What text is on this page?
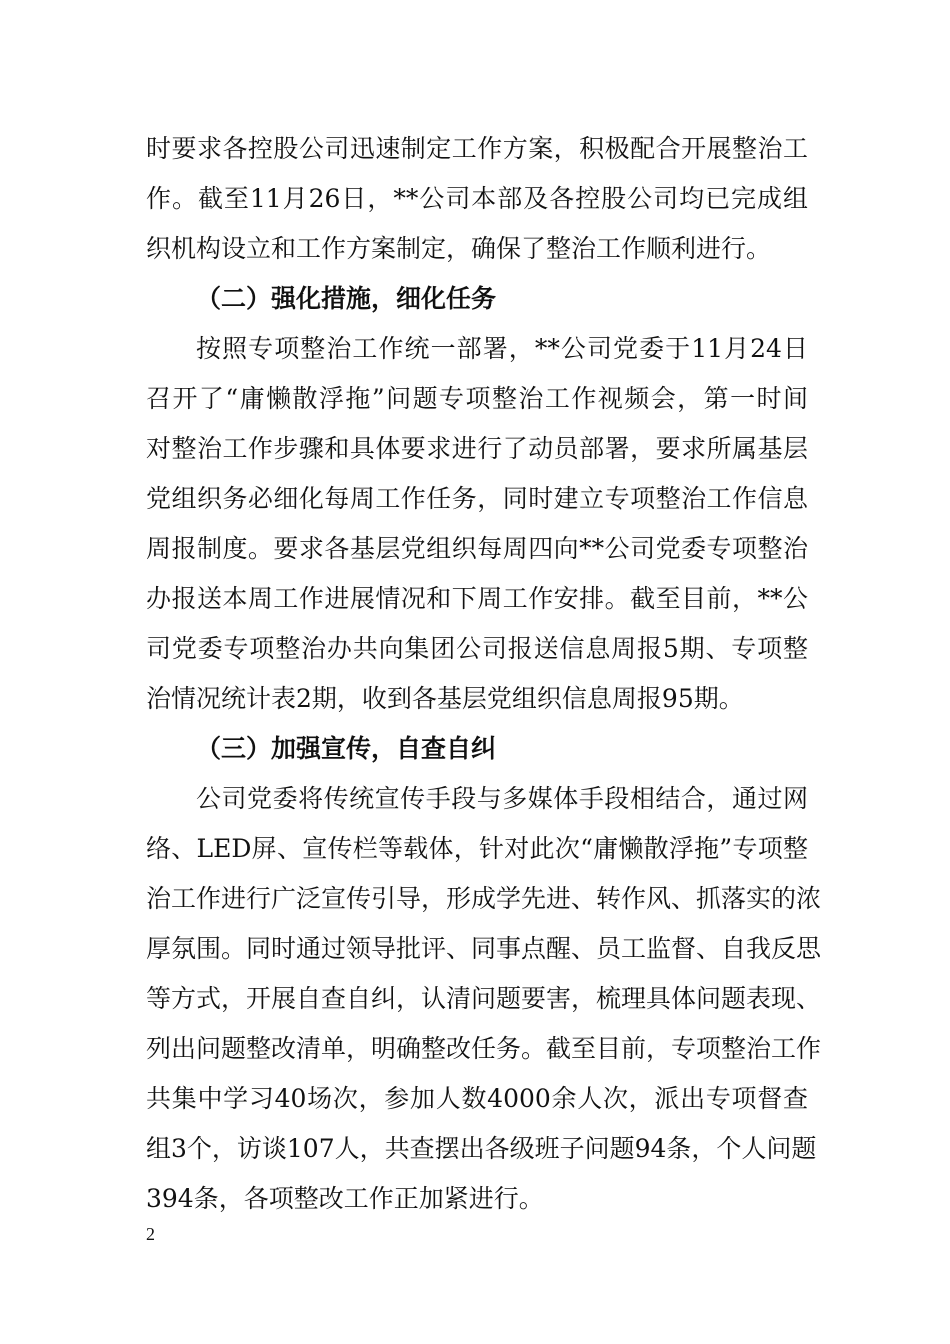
时要求各控股公司迅速制定工作方案，积极配合开展整治工
作。截至11月26日，**公司本部及各控股公司均已完成组
织机构设立和工作方案制定，确保了整治工作顺利进行。
（二）强化措施，细化任务
按照专项整治工作统一部署，**公司党委于11月24日
召开了“庸懒散浮拖”问题专项整治工作视频会，第一时间
对整治工作步骤和具体要求进行了动员部署，要求所属基层
党组织务必细化每周工作任务，同时建立专项整治工作信息
周报制度。要求各基层党组织每周四向**公司党委专项整治
办报送本周工作进展情况和下周工作安排。截至目前，**公
司党委专项整治办共向集团公司报送信息周报5期、专项整
治情况统计表2期，收到各基层党组织信息周报95期。
（三）加强宣传，自查自纠
公司党委将传统宣传手段与多媒体手段相结合，通过网
络、LED屏、宣传栏等载体，针对此次“庸懒散浮拖”专项整
治工作进行广泛宣传引导，形成学先进、转作风、抓落实的浓
厚氛围。同时通过领导批评、同事点醒、员工监督、自我反思
等方式，开展自查自纠，认清问题要害，梳理具体问题表现、
列出问题整改清单，明确整改任务。截至目前，专项整治工作
共集中学习40场次，参加人数4000余人次，派出专项督查
组3个，访谈107人，共查摆出各级班子问题94条，个人问题
394条，各项整改工作正加紧进行。
2
